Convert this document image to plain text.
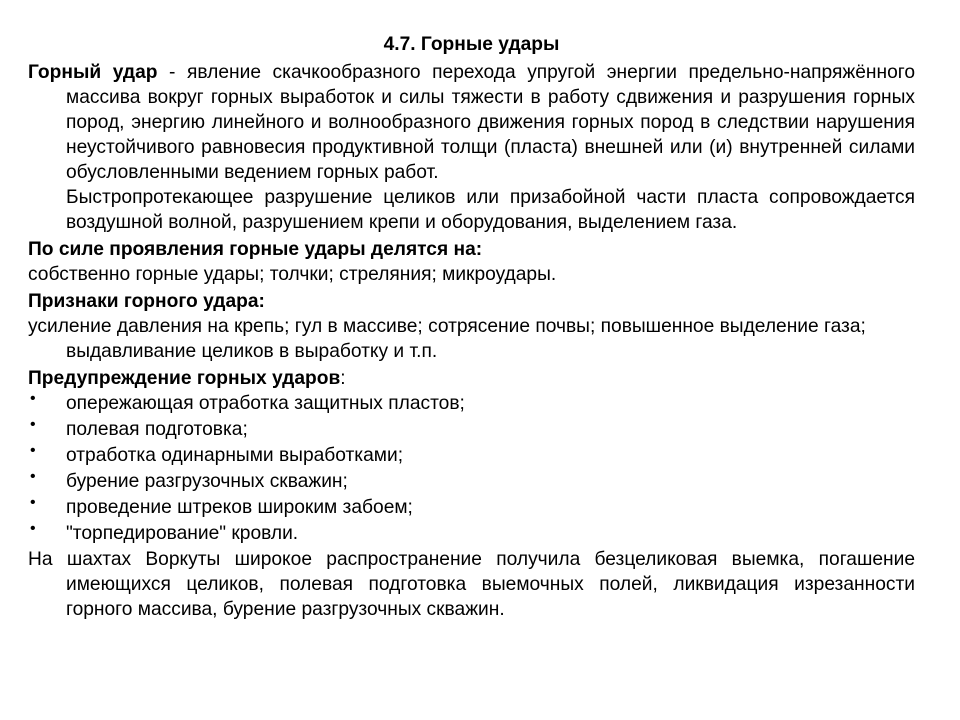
4.7. Горные удары

Горный удар - явление скачкообразного перехода упругой энергии предельно-напряжённого массива вокруг горных выработок и силы тяжести в работу сдвижения и разрушения горных пород, энергию линейного и волнообразного движения горных пород в следствии нарушения неустойчивого равновесия продуктивной толщи (пласта) внешней или (и) внутренней силами обусловленными ведением горных работ.

Быстропротекающее разрушение целиков или призабойной части пласта сопровождается воздушной волной, разрушением крепи и оборудования, выделением газа.

По силе проявления горные удары делятся на:

собственно горные удары; толчки; стреляния; микроудары.

Признаки горного удара:

усиление давления на крепь; гул в массиве; сотрясение почвы; повышенное выделение газа; выдавливание целиков в выработку и т.п.

Предупреждение горных ударов:

• опережающая отработка защитных пластов;
• полевая подготовка;
• отработка одинарными выработками;
• бурение разгрузочных скважин;
• проведение штреков широким забоем;
• "торпедирование" кровли.

На шахтах Воркуты широкое распространение получила безцеликовая выемка, погашение имеющихся целиков, полевая подготовка выемочных полей, ликвидация изрезанности горного массива, бурение разгрузочных скважин.
